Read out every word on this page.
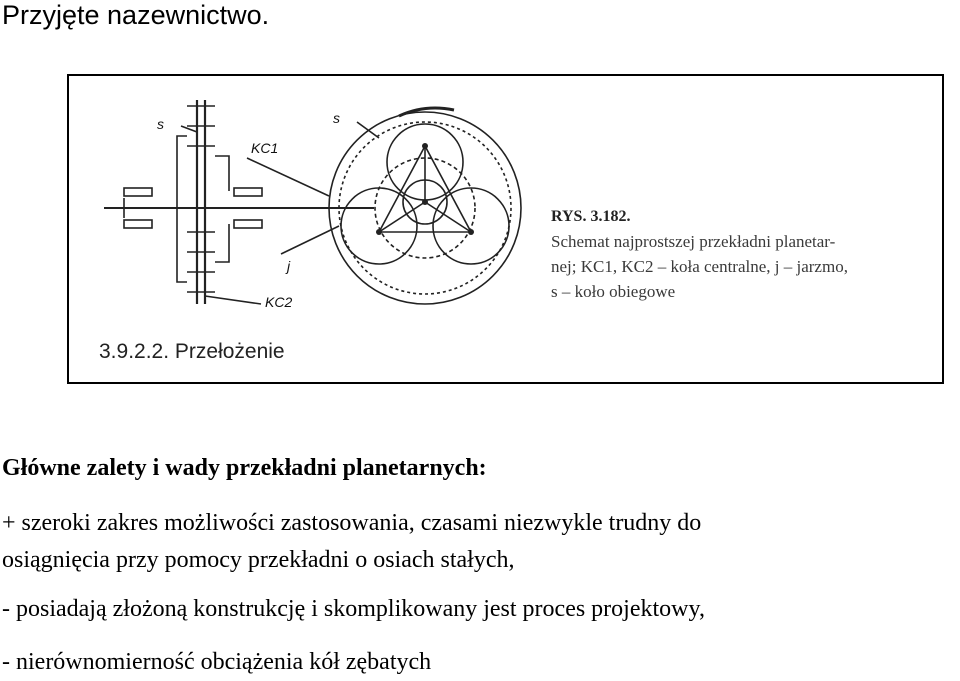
Przyjęte nazewnictwo.
s	s
KC1
j
KC2
RYS. 3.182.
Schemat najprostszej przekładni planetar-
nej; KC1, KC2 – koła centralne, j – jarzmo,
s – koło obiegowe
3.9.2.2. Przełożenie
Główne zalety i wady przekładni planetarnych:
+ szeroki zakres możliwości zastosowania, czasami niezwykle trudny do
osiągnięcia przy pomocy przekładni o osiach stałych,
- posiadają złożoną konstrukcję i skomplikowany jest proces projektowy,
- nierównomierność obciążenia kół zębatych
